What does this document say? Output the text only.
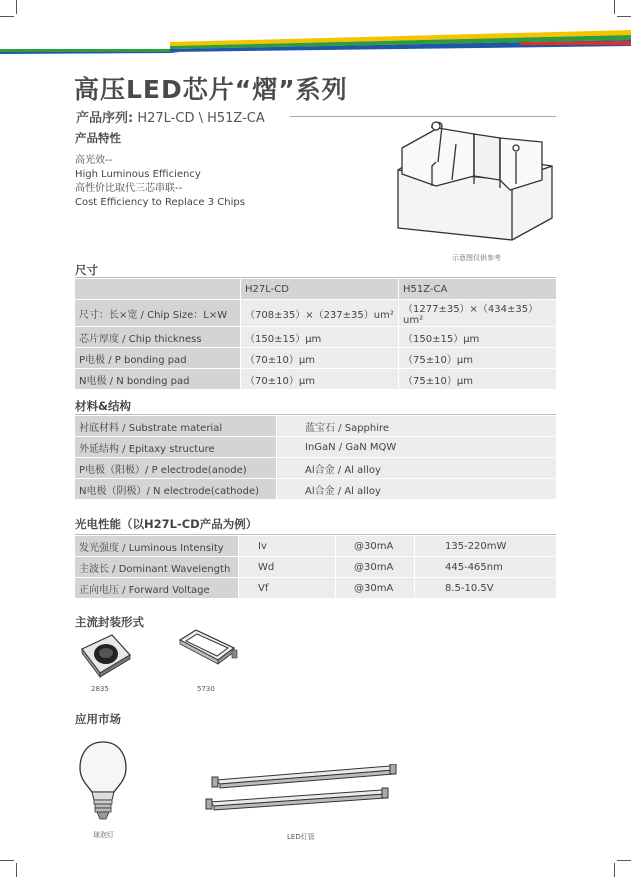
高压LED芯片“熠”系列
产品序列: H27L-CD \ H51Z-CA
产品特性
高光效--
High Luminous Efficiency
高性价比取代三芯串联--
Cost Efficiency to Replace 3 Chips
示意图仅供参考
尺寸
	H27L-CD	H51Z-CA
尺寸：长×宽 / Chip Size：L×W	（708±35）×（237±35）um²	（1277±35）×（434±35）um²
芯片厚度 / Chip thickness	（150±15）μm	（150±15）μm
P电极 / P bonding pad	（70±10）μm	（75±10）μm
N电极 / N bonding pad	（70±10）μm	（75±10）μm
材料&结构
衬底材料 / Substrate material	蓝宝石 / Sapphire
外延结构 / Epitaxy structure	InGaN / GaN MQW
P电极（阳极）/ P electrode(anode)	Al合金 / Al alloy
N电极（阴极）/ N electrode(cathode)	Al合金 / Al alloy
光电性能（以H27L-CD产品为例）
发光强度 / Luminous Intensity	Iv	@30mA	135-220mW
主波长 / Dominant Wavelength	Wd	@30mA	445-465nm
正向电压 / Forward Voltage	Vf	@30mA	8.5-10.5V
主流封装形式
2835	5730
应用市场
球泡灯	LED灯管
